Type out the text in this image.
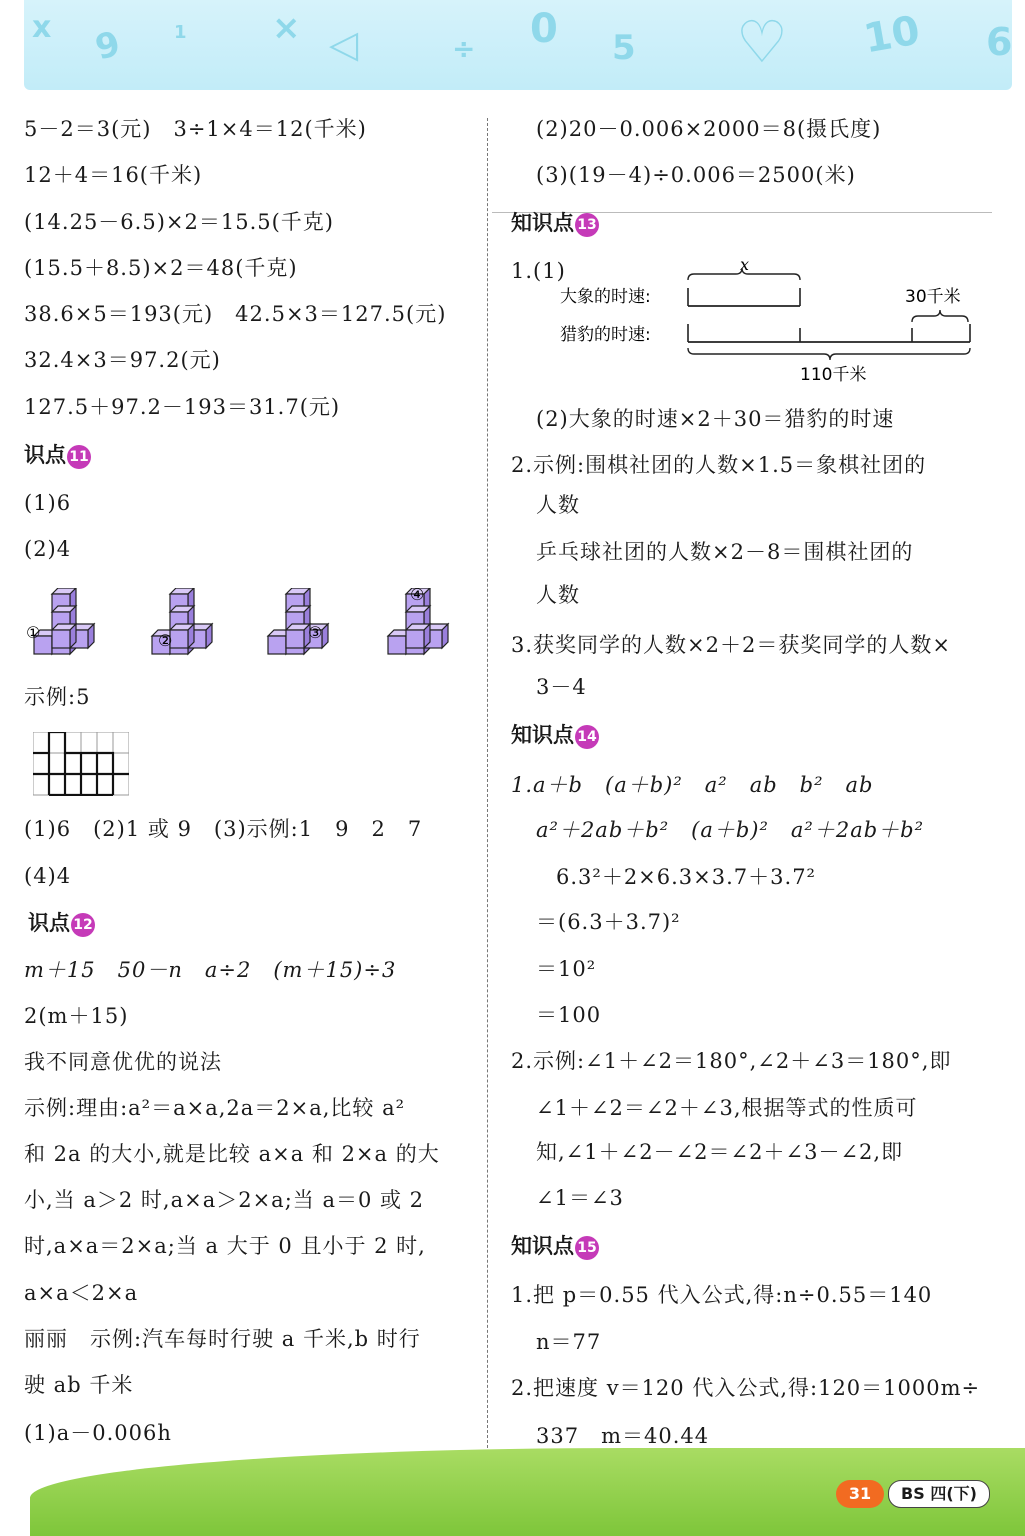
x 9	1	× ◁	÷ 0 5 ♡ 10 6
5－2＝3(元)　3÷1×4＝12(千米)
12＋4＝16(千米)
(14.25－6.5)×2＝15.5(千克)
(15.5＋8.5)×2＝48(千克)
38.6×5＝193(元)　42.5×3＝127.5(元)
32.4×3＝97.2(元)
127.5＋97.2－193＝31.7(元)
识点 11
(1)6
(2)4
①	②	③
④
示例:5
(1)6　(2)1 或 9　(3)示例:1　9　2　7
(4)4
识点 12
m＋15　50－n　a÷2　(m＋15)÷3
2(m＋15)
我不同意优优的说法
示例:理由:a²＝a×a,2a＝2×a,比较 a²
和 2a 的大小,就是比较 a×a 和 2×a 的大
小,当 a＞2 时,a×a＞2×a;当 a＝0 或 2
时,a×a＝2×a;当 a 大于 0 且小于 2 时,
a×a＜2×a
丽丽　示例:汽车每时行驶 a 千米,b 时行
驶 ab 千米
(1)a－0.006h
(2)20－0.006×2000＝8(摄氏度)
(3)(19－4)÷0.006＝2500(米)
知识点 13
1.(1)	x
大象的时速:	30千米
猎豹的时速:
110千米
(2)大象的时速×2＋30＝猎豹的时速
2.示例:围棋社团的人数×1.5＝象棋社团的
人数
乒乓球社团的人数×2－8＝围棋社团的
人数
3.获奖同学的人数×2＋2＝获奖同学的人数×
3－4
知识点 14
1.a＋b　(a＋b)²　a²　ab　b²　ab
a²＋2ab＋b²　(a＋b)²　a²＋2ab＋b²
6.3²＋2×6.3×3.7＋3.7²
＝(6.3＋3.7)²
＝10²
＝100
2.示例:∠1＋∠2＝180°,∠2＋∠3＝180°,即
∠1＋∠2＝∠2＋∠3,根据等式的性质可
知,∠1＋∠2－∠2＝∠2＋∠3－∠2,即
∠1＝∠3
知识点 15
1.把 p＝0.55 代入公式,得:n÷0.55＝140
n＝77
2.把速度 v＝120 代入公式,得:120＝1000m÷
337　m＝40.44
31	BS 四(下)
